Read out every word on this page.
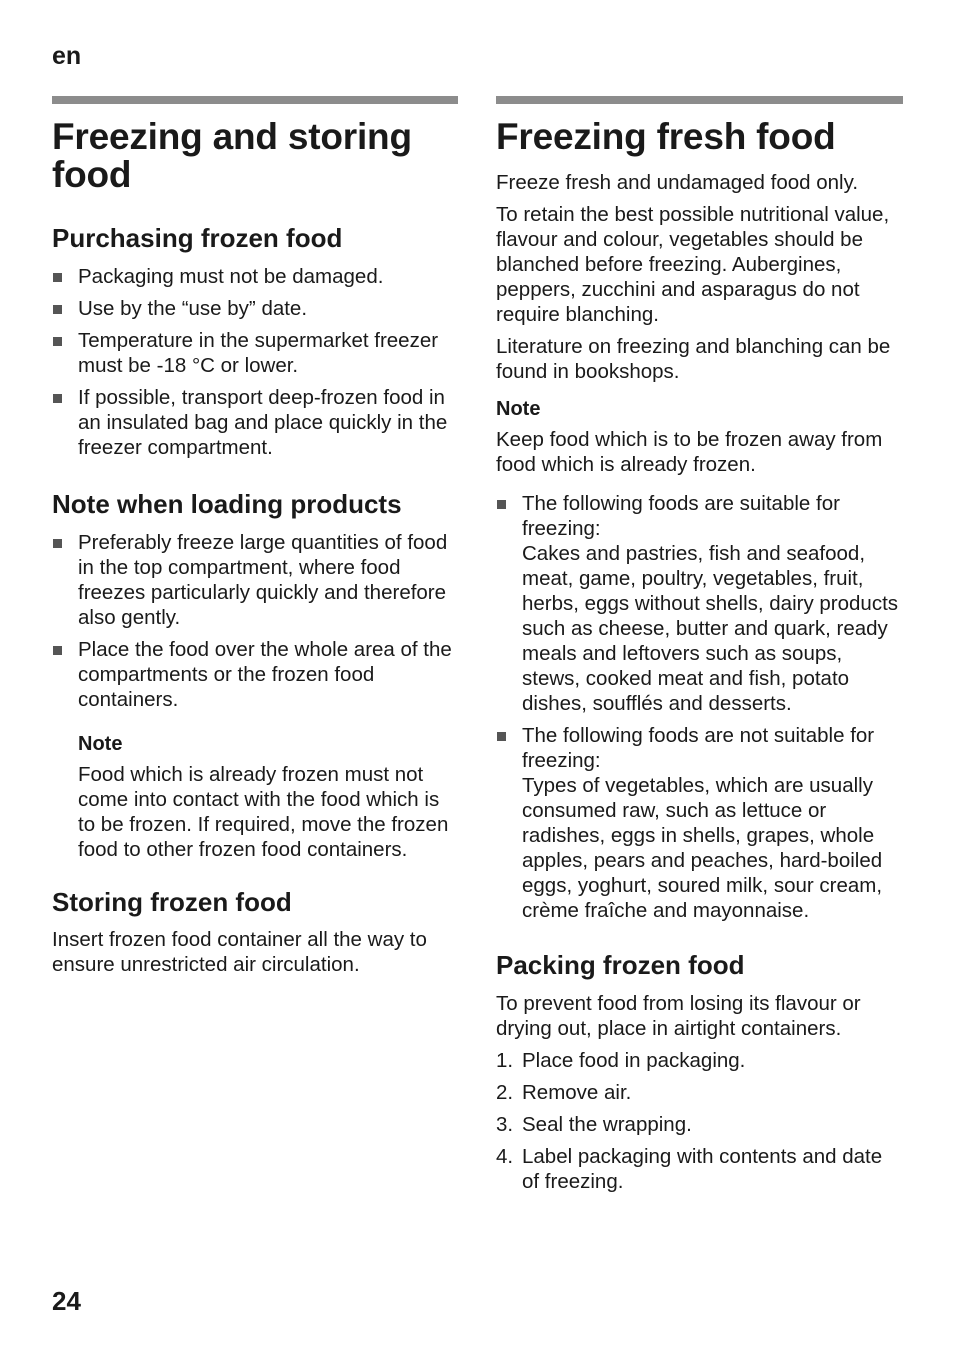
en
Freezing and storing food
Purchasing frozen food
Packaging must not be damaged.
Use by the “use by” date.
Temperature in the supermarket freezer must be -18 °C or lower.
If possible, transport deep-frozen food in an insulated bag and place quickly in the freezer compartment.
Note when loading products
Preferably freeze large quantities of food in the top compartment, where food freezes particularly quickly and therefore also gently.
Place the food over the whole area of the compartments or the frozen food containers.
Note

Food which is already frozen must not come into contact with the food which is to be frozen. If required, move the frozen food to other frozen food containers.

Storing frozen food

Insert frozen food container all the way to ensure unrestricted air circulation.

Freezing fresh food

Freeze fresh and undamaged food only.

To retain the best possible nutritional value, flavour and colour, vegetables should be blanched before freezing. Aubergines, peppers, zucchini and asparagus do not require blanching.

Literature on freezing and blanching can be found in bookshops.

Note

Keep food which is to be frozen away from food which is already frozen.

The following foods are suitable for freezing:
Cakes and pastries, fish and seafood, meat, game, poultry, vegetables, fruit, herbs, eggs without shells, dairy products such as cheese, butter and quark, ready meals and leftovers such as soups, stews, cooked meat and fish, potato dishes, soufflés and desserts.
The following foods are not suitable for freezing:
Types of vegetables, which are usually consumed raw, such as lettuce or radishes, eggs in shells, grapes, whole apples, pears and peaches, hard-boiled eggs, yoghurt, soured milk, sour cream, crème fraîche and mayonnaise.
Packing frozen food

To prevent food from losing its flavour or drying out, place in airtight containers.

1. Place food in packaging.
2. Remove air.
3. Seal the wrapping.
4. Label packaging with contents and date of freezing.
24
